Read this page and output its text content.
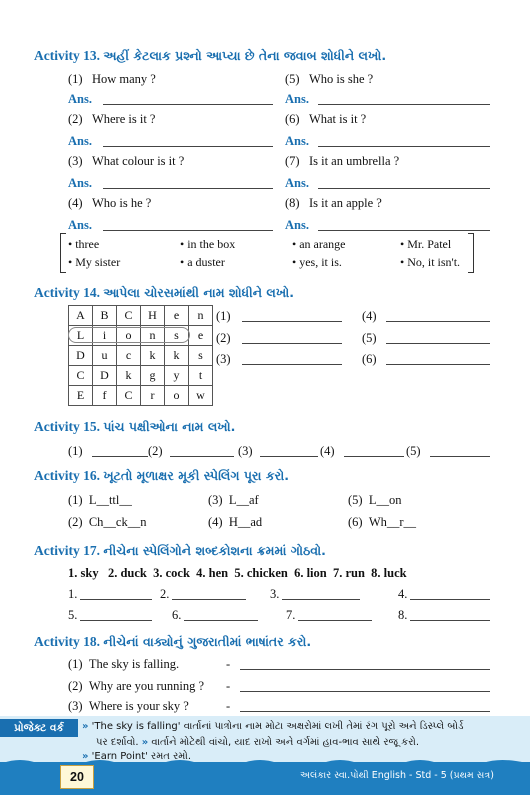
Activity 13. અહીં કેટલાક પ્રશ્નો આપ્યા છે તેના જવાબ શોધીને લખો.
(1) How many ?	(5) Who is she ?
Ans.	Ans.
(2) Where is it ?	(6) What is it ?
Ans.	Ans.
(3) What colour is it ?	(7) Is it an umbrella ?
Ans.	Ans.
(4) Who is he ?	(8) Is it an apple ?
Ans.	Ans.
• three	• in the box	• an arange	• Mr. Patel
• My sister	• a duster	• yes, it is.	• No, it isn't.
Activity 14. આપેલા ચોરસમાંથી નામ શોધીને લખો.
A	B	C	H	e	n
L	i	o	n	s	e
D	u	c	k	k	s
C	D	k	g	y	t
E	f	C	r	o	w
(1)	(4)
(2)	(5)
(3)	(6)
Activity 15. પાંચ પક્ષીઓના નામ લખો.
(1)	(2)	(3)	(4)	(5)
Activity 16. ખૂટતો મૂળાક્ષર મૂકી સ્પેલિંગ પૂરા કરો.
(1) L__ttl__	(3) L__af	(5) L__on
(2) Ch__ck__n	(4) H__ad	(6) Wh__r__
Activity 17. નીચેના સ્પેલિંગોને શબ્દકોશના ક્રમમાં ગોઠવો.
1. sky   2. duck  3. cock  4. hen  5. chicken  6. lion  7. run  8. luck
1.	2.	3.	4.
5.	6.	7.	8.
Activity 18. નીચેનાં વાક્યોનું ગુજરાતીમાં ભાષાંતર કરો.
(1) The sky is falling.	-
(2) Why are you running ? -
(3) Where is your sky ?	-
પ્રોજેક્ટ વર્ક	» 'The sky is falling' વાર્તાનાં પાત્રોના નામ મોટા અક્ષરોમાં લખી તેમાં રંગ પૂરો અને ડિસ્પ્લે બોર્ડ
પર દર્શાવો. » વાર્તાને મોટેથી વાંચો, યાદ રાખો અને વર્ગમાં હાવ-ભાવ સાથે રજૂ કરો.
» 'Earn Point' રમત રમો.
20	અલંકાર સ્વા.પોથી English - Std - 5 (પ્રથમ સત્ર)
